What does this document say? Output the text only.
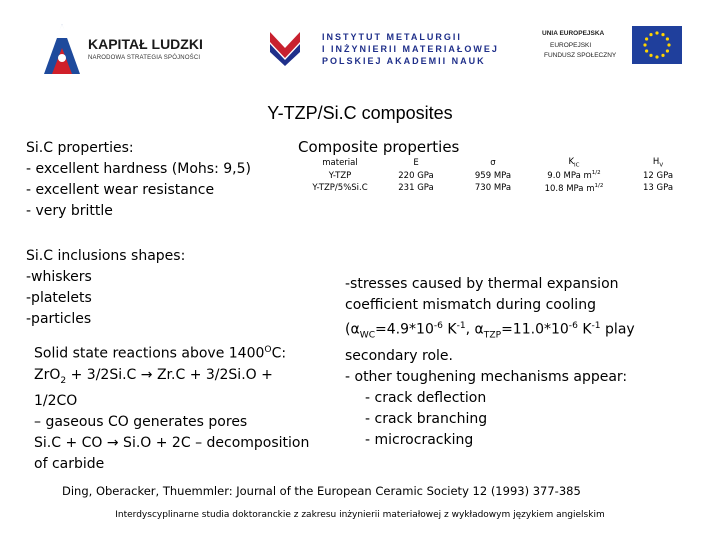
KAPITAŁ LUDZKI
NARODOWA STRATEGIA SPÓJNOŚCI
INSTYTUT METALURGII
I INŻYNIERII MATERIAŁOWEJ
POLSKIEJ AKADEMII NAUK
UNIA EUROPEJSKA
EUROPEJSKI
FUNDUSZ SPOŁECZNY
Y-TZP/Si.C composites
Si.C properties:
- excellent hardness (Mohs: 9,5)
- excellent wear resistance
- very brittle
Si.C inclusions shapes:
-whiskers
-platelets
-particles
Solid state reactions above $1400^OC$:
ZrO$_2$ + 3/2Si.C → Zr.C + 3/2Si.O +
1/2CO
– gaseous CO generates pores
Si.C + CO → Si.O + 2C – decomposition
of carbide
Composite properties
material	E	σ	$K_{IC}$	$H_V$
Y-TZP	220 GPa	959 MPa	9.0 MPa $m^{1/2}$	12 GPa
Y-TZP/5%Si.C	231 GPa	730 MPa	10.8 MPa $m^{1/2}$	13 GPa
-stresses caused by thermal expansion
coefficient mismatch during cooling
($\alpha_{WC}=4.9*10^{-6}$ $K^{-1}$, $\alpha_{TZP}=11.0*10^{-6}$ $K^{-1}$ play
secondary role.
- other toughening mechanisms appear:
- crack deflection
- crack branching
- microcracking
Ding, Oberacker, Thuemmler: Journal of the European Ceramic Society 12 (1993) 377-385
Interdyscyplinarne studia doktoranckie z zakresu inżynierii materiałowej z wykładowym językiem angielskim
